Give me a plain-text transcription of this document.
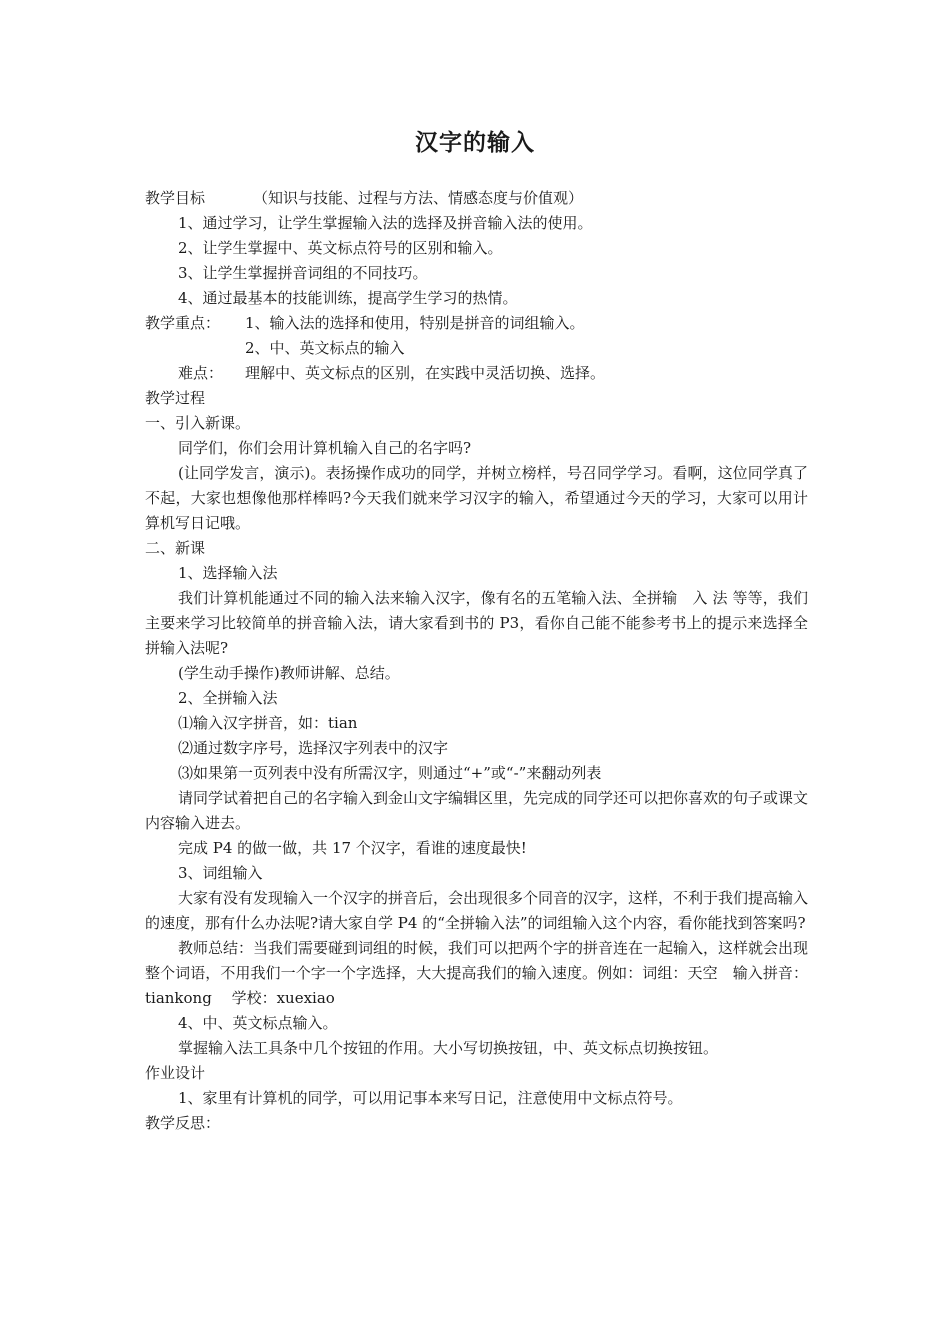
汉字的输入
教学目标	（知识与技能、过程与方法、情感态度与价值观）

1、通过学习，让学生掌握输入法的选择及拼音输入法的使用。

2、让学生掌握中、英文标点符号的区别和输入。

3、让学生掌握拼音词组的不同技巧。

4、通过最基本的技能训练，提高学生学习的热情。

教学重点：	1、输入法的选择和使用，特别是拼音的词组输入。
2、中、英文标点的输入
难点：	理解中、英文标点的区别，在实践中灵活切换、选择。

教学过程

一、引入新课。

同学们，你们会用计算机输入自己的名字吗?

(让同学发言，演示)。表扬操作成功的同学，并树立榜样，号召同学学习。看啊，这位同学真了不起，大家也想像他那样棒吗?今天我们就来学习汉字的输入，希望通过今天的学习，大家可以用计算机写日记哦。

二、新课

1、选择输入法

我们计算机能通过不同的输入法来输入汉字，像有名的五笔输入法、全拼输　入 法 等等，我们主要来学习比较简单的拼音输入法，请大家看到书的 P3，看你自己能不能参考书上的提示来选择全拼输入法呢?

(学生动手操作)教师讲解、总结。

2、全拼输入法

⑴输入汉字拼音，如：tian

⑵通过数字序号，选择汉字列表中的汉字

⑶如果第一页列表中没有所需汉字，则通过“+”或“-”来翻动列表

请同学试着把自己的名字输入到金山文字编辑区里，先完成的同学还可以把你喜欢的句子或课文内容输入进去。

完成 P4 的做一做，共 17 个汉字，看谁的速度最快!

3、词组输入

大家有没有发现输入一个汉字的拼音后，会出现很多个同音的汉字，这样，不利于我们提高输入的速度，那有什么办法呢?请大家自学 P4 的“全拼输入法”的词组输入这个内容，看你能找到答案吗?

教师总结：当我们需要碰到词组的时候，我们可以把两个字的拼音连在一起输入，这样就会出现整个词语，不用我们一个字一个字选择，大大提高我们的输入速度。例如：词组：天空　输入拼音：tiankong　 学校：xuexiao

4、中、英文标点输入。

掌握输入法工具条中几个按钮的作用。大小写切换按钮，中、英文标点切换按钮。

作业设计

1、家里有计算机的同学，可以用记事本来写日记，注意使用中文标点符号。

教学反思：
